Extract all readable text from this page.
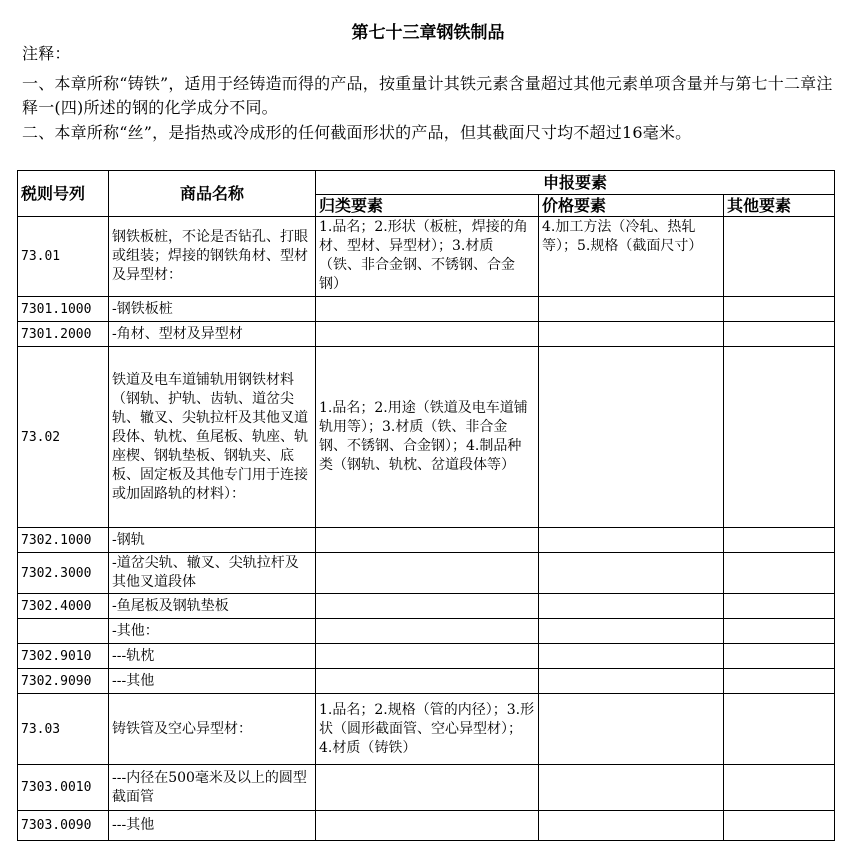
第七十三章钢铁制品
注释：
一、本章所称“铸铁”，适用于经铸造而得的产品，按重量计其铁元素含量超过其他元素单项含量并与第七十二章注释一(四)所述的钢的化学成分不同。
二、本章所称“丝”，是指热或冷成形的任何截面形状的产品，但其截面尺寸均不超过16毫米。
税则号列	商品名称	申报要素		
		归类要素	价格要素	其他要素
73.01	钢铁板桩，不论是否钻孔、打眼或组装；焊接的钢铁角材、型材及异型材：	1.品名；2.形状（板桩，焊接的角材、型材、异型材）；3.材质（铁、非合金钢、不锈钢、合金钢）	4.加工方法（冷轧、热轧等）；5.规格（截面尺寸）	
7301.1000	-钢铁板桩			
7301.2000	-角材、型材及异型材			
73.02	铁道及电车道铺轨用钢铁材料（钢轨、护轨、齿轨、道岔尖轨、辙叉、尖轨拉杆及其他叉道段体、轨枕、鱼尾板、轨座、轨座楔、钢轨垫板、钢轨夹、底板、固定板及其他专门用于连接或加固路轨的材料）：	1.品名；2.用途（铁道及电车道铺轨用等）；3.材质（铁、非合金钢、不锈钢、合金钢）；4.制品种类（钢轨、轨枕、岔道段体等）		
7302.1000	-钢轨			
7302.3000	-道岔尖轨、辙叉、尖轨拉杆及其他叉道段体			
7302.4000	-鱼尾板及钢轨垫板			
	-其他：			
7302.9010	---轨枕			
7302.9090	---其他			
73.03	铸铁管及空心异型材：	1.品名；2.规格（管的内径）；3.形状（圆形截面管、空心异型材）；4.材质（铸铁）		
7303.0010	---内径在500毫米及以上的圆型截面管			
7303.0090	---其他			
